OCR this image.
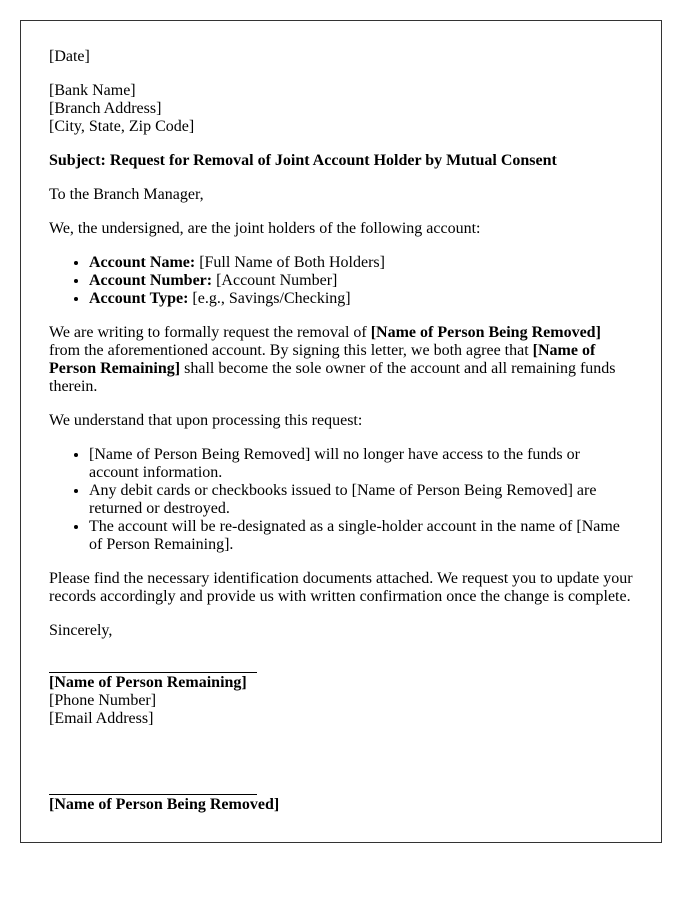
[Date]

[Bank Name]
[Branch Address]
[City, State, Zip Code]

Subject: Request for Removal of Joint Account Holder by Mutual Consent

To the Branch Manager,

We, the undersigned, are the joint holders of the following account:

• Account Name: [Full Name of Both Holders]
• Account Number: [Account Number]
• Account Type: [e.g., Savings/Checking]

We are writing to formally request the removal of [Name of Person Being Removed] from the aforementioned account. By signing this letter, we both agree that [Name of Person Remaining] shall become the sole owner of the account and all remaining funds therein.

We understand that upon processing this request:

• [Name of Person Being Removed] will no longer have access to the funds or account information.
• Any debit cards or checkbooks issued to [Name of Person Being Removed] are returned or destroyed.
• The account will be re-designated as a single-holder account in the name of [Name of Person Remaining].

Please find the necessary identification documents attached. We request you to update your records accordingly and provide us with written confirmation once the change is complete.

Sincerely,

[Name of Person Remaining]
[Phone Number]
[Email Address]
[Name of Person Being Removed]
